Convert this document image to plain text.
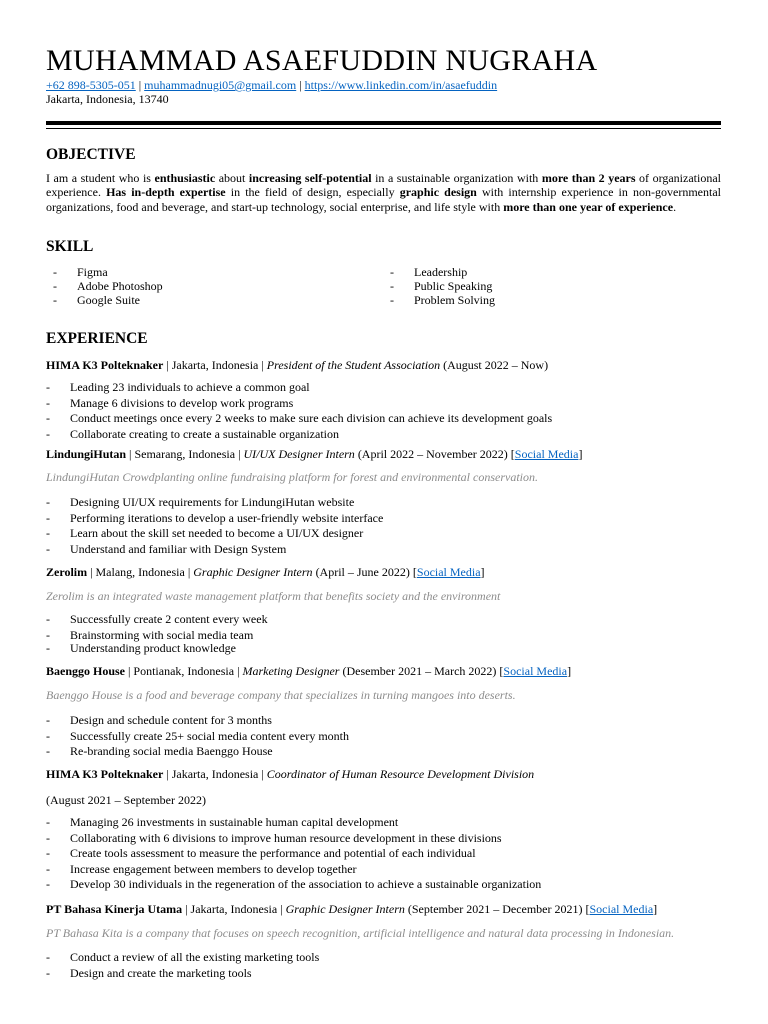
MUHAMMAD ASAEFUDDIN NUGRAHA
+62 898-5305-051 | muhammadnugi05@gmail.com | https://www.linkedin.com/in/asaefuddin
Jakarta, Indonesia, 13740
OBJECTIVE
I am a student who is enthusiastic about increasing self-potential in a sustainable organization with more than 2 years of organizational experience. Has in-depth expertise in the field of design, especially graphic design with internship experience in non-governmental organizations, food and beverage, and start-up technology, social enterprise, and life style with more than one year of experience.
SKILL
- Figma
- Adobe Photoshop
- Google Suite
- Leadership
- Public Speaking
- Problem Solving
EXPERIENCE
HIMA K3 Polteknaker | Jakarta, Indonesia | President of the Student Association (August 2022 – Now)
- Leading 23 individuals to achieve a common goal
- Manage 6 divisions to develop work programs
- Conduct meetings once every 2 weeks to make sure each division can achieve its development goals
- Collaborate creating to create a sustainable organization
LindungiHutan | Semarang, Indonesia | UI/UX Designer Intern (April 2022 – November 2022) [Social Media]
LindungiHutan Crowdplanting online fundraising platform for forest and environmental conservation.
- Designing UI/UX requirements for LindungiHutan website
- Performing iterations to develop a user-friendly website interface
- Learn about the skill set needed to become a UI/UX designer
- Understand and familiar with Design System
Zerolim | Malang, Indonesia | Graphic Designer Intern (April – June 2022) [Social Media]
Zerolim is an integrated waste management platform that benefits society and the environment
- Successfully create 2 content every week
- Brainstorming with social media team
- Understanding product knowledge
Baenggo House | Pontianak, Indonesia | Marketing Designer (Desember 2021 – March 2022) [Social Media]
Baenggo House is a food and beverage company that specializes in turning mangoes into deserts.
- Design and schedule content for 3 months
- Successfully create 25+ social media content every month
- Re-branding social media Baenggo House
HIMA K3 Polteknaker | Jakarta, Indonesia | Coordinator of Human Resource Development Division
(August 2021 – September 2022)
- Managing 26 investments in sustainable human capital development
- Collaborating with 6 divisions to improve human resource development in these divisions
- Create tools assessment to measure the performance and potential of each individual
- Increase engagement between members to develop together
- Develop 30 individuals in the regeneration of the association to achieve a sustainable organization
PT Bahasa Kinerja Utama | Jakarta, Indonesia | Graphic Designer Intern (September 2021 – December 2021) [Social Media]
PT Bahasa Kita is a company that focuses on speech recognition, artificial intelligence and natural data processing in Indonesian.
- Conduct a review of all the existing marketing tools
- Design and create the marketing tools
